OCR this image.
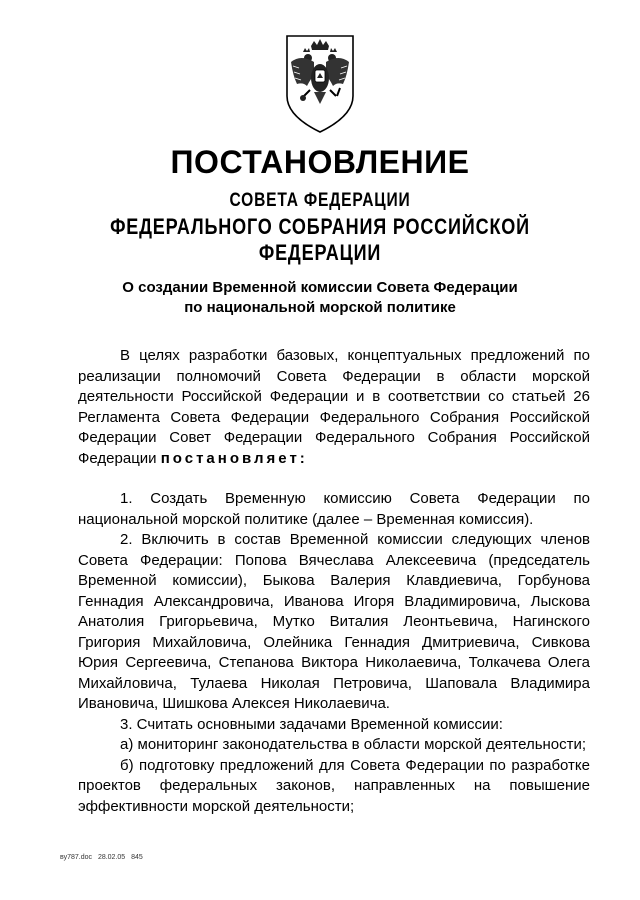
ПОСТАНОВЛЕНИЕ
СОВЕТА ФЕДЕРАЦИИ
ФЕДЕРАЛЬНОГО СОБРАНИЯ РОССИЙСКОЙ ФЕДЕРАЦИИ
О создании Временной комиссии Совета Федерации
по национальной морской политике

В целях разработки базовых, концептуальных предложений по реализации полномочий Совета Федерации в области морской деятельности Российской Федерации и в соответствии со статьей 26 Регламента Совета Федерации Федерального Собрания Российской Федерации Совет Федерации Федерального Собрания Российской Федерации постановляет:

1. Создать Временную комиссию Совета Федерации по национальной морской политике (далее – Временная комиссия).

2. Включить в состав Временной комиссии следующих членов Совета Федерации: Попова Вячеслава Алексеевича (председатель Временной комиссии), Быкова Валерия Клавдиевича, Горбунова Геннадия Александровича, Иванова Игоря Владимировича, Лыскова Анатолия Григорьевича, Мутко Виталия Леонтьевича, Нагинского Григория Михайловича, Олейника Геннадия Дмитриевича, Сивкова Юрия Сергеевича, Степанова Виктора Николаевича, Толкачева Олега Михайловича, Тулаева Николая Петровича, Шаповала Владимира Ивановича, Шишкова Алексея Николаевича.

3. Считать основными задачами Временной комиссии:

а) мониторинг законодательства в области морской деятельности;

б) подготовку предложений для Совета Федерации по разработке проектов федеральных законов, направленных на повышение эффективности морской деятельности;

ву787.doc 28.02.05 845
